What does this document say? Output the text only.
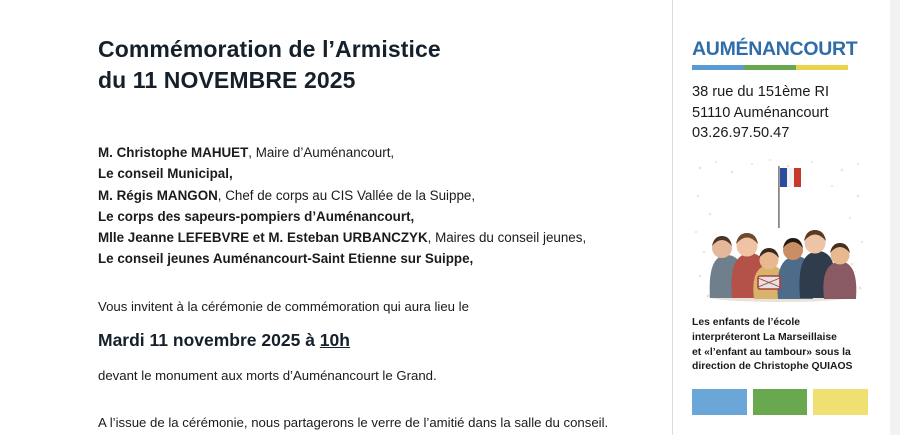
Commémoration de l’Armistice
du 11 NOVEMBRE 2025
M. Christophe MAHUET, Maire d’Auménancourt,
Le conseil Municipal,
M. Régis MANGON, Chef de corps au CIS Vallée de la Suippe,
Le corps des sapeurs-pompiers d’Auménancourt,
Mlle Jeanne LEFEBVRE et M. Esteban URBANCZYK, Maires du conseil jeunes,
Le conseil jeunes Auménancourt-Saint Etienne sur Suippe,
Vous invitent à la cérémonie de commémoration qui aura lieu le
Mardi 11 novembre 2025 à 10h
devant le monument aux morts d’Auménancourt le Grand.
A l’issue de la cérémonie, nous partagerons le verre de l’amitié dans la salle du conseil.
AUMÉNANCOURT
38 rue du 151ème RI
51110 Auménancourt
03.26.97.50.47
Les enfants de l’école
interpréteront La Marseillaise
et «l’enfant au tambour» sous la
direction de Christophe QUIAOS
